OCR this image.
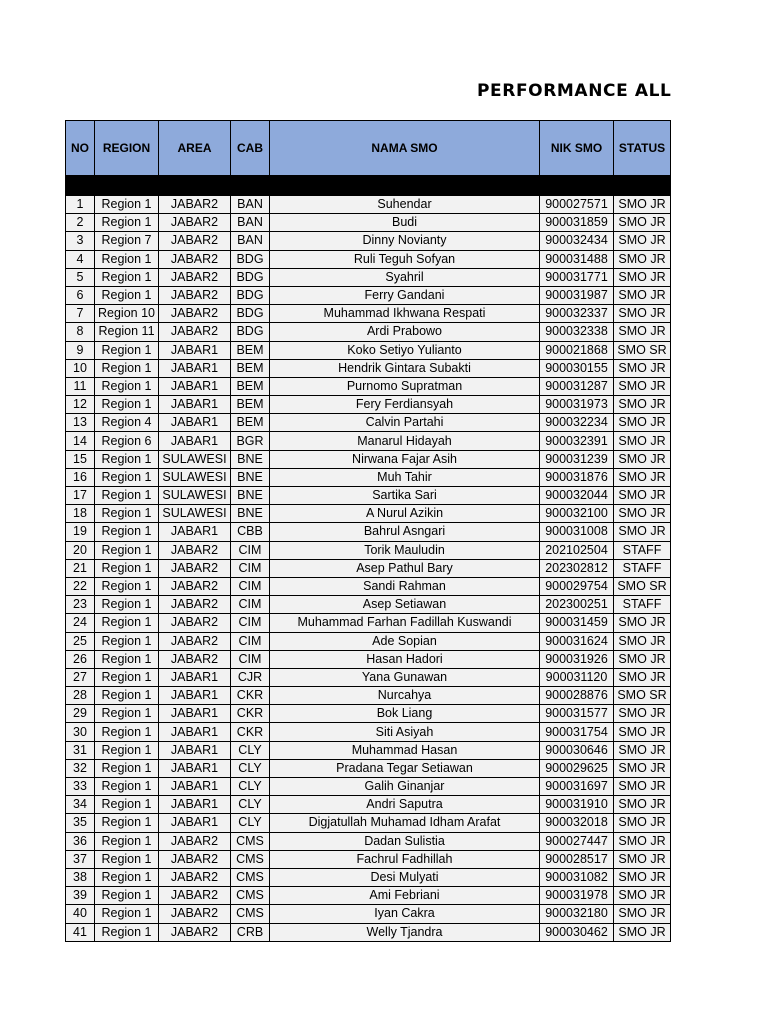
PERFORMANCE ALL
NO	REGION	AREA	CAB	NAMA SMO	NIK SMO	STATUS

1	Region 1	JABAR2	BAN	Suhendar	900027571	SMO JR
2	Region 1	JABAR2	BAN	Budi	900031859	SMO JR
3	Region 7	JABAR2	BAN	Dinny Novianty	900032434	SMO JR
4	Region 1	JABAR2	BDG	Ruli Teguh Sofyan	900031488	SMO JR
5	Region 1	JABAR2	BDG	Syahril	900031771	SMO JR
6	Region 1	JABAR2	BDG	Ferry Gandani	900031987	SMO JR
7	Region 10	JABAR2	BDG	Muhammad Ikhwana Respati	900032337	SMO JR
8	Region 11	JABAR2	BDG	Ardi Prabowo	900032338	SMO JR
9	Region 1	JABAR1	BEM	Koko Setiyo Yulianto	900021868	SMO SR
10	Region 1	JABAR1	BEM	Hendrik Gintara Subakti	900030155	SMO JR
11	Region 1	JABAR1	BEM	Purnomo Supratman	900031287	SMO JR
12	Region 1	JABAR1	BEM	Fery Ferdiansyah	900031973	SMO JR
13	Region 4	JABAR1	BEM	Calvin Partahi	900032234	SMO JR
14	Region 6	JABAR1	BGR	Manarul Hidayah	900032391	SMO JR
15	Region 1	SULAWESI	BNE	Nirwana Fajar Asih	900031239	SMO JR
16	Region 1	SULAWESI	BNE	Muh Tahir	900031876	SMO JR
17	Region 1	SULAWESI	BNE	Sartika Sari	900032044	SMO JR
18	Region 1	SULAWESI	BNE	A Nurul Azikin	900032100	SMO JR
19	Region 1	JABAR1	CBB	Bahrul Asngari	900031008	SMO JR
20	Region 1	JABAR2	CIM	Torik Mauludin	202102504	STAFF
21	Region 1	JABAR2	CIM	Asep Pathul Bary	202302812	STAFF
22	Region 1	JABAR2	CIM	Sandi Rahman	900029754	SMO SR
23	Region 1	JABAR2	CIM	Asep Setiawan	202300251	STAFF
24	Region 1	JABAR2	CIM	Muhammad Farhan Fadillah Kuswandi	900031459	SMO JR
25	Region 1	JABAR2	CIM	Ade Sopian	900031624	SMO JR
26	Region 1	JABAR2	CIM	Hasan Hadori	900031926	SMO JR
27	Region 1	JABAR1	CJR	Yana Gunawan	900031120	SMO JR
28	Region 1	JABAR1	CKR	Nurcahya	900028876	SMO SR
29	Region 1	JABAR1	CKR	Bok Liang	900031577	SMO JR
30	Region 1	JABAR1	CKR	Siti Asiyah	900031754	SMO JR
31	Region 1	JABAR1	CLY	Muhammad Hasan	900030646	SMO JR
32	Region 1	JABAR1	CLY	Pradana Tegar Setiawan	900029625	SMO JR
33	Region 1	JABAR1	CLY	Galih Ginanjar	900031697	SMO JR
34	Region 1	JABAR1	CLY	Andri Saputra	900031910	SMO JR
35	Region 1	JABAR1	CLY	Digjatullah Muhamad Idham Arafat	900032018	SMO JR
36	Region 1	JABAR2	CMS	Dadan Sulistia	900027447	SMO JR
37	Region 1	JABAR2	CMS	Fachrul Fadhillah	900028517	SMO JR
38	Region 1	JABAR2	CMS	Desi Mulyati	900031082	SMO JR
39	Region 1	JABAR2	CMS	Ami Febriani	900031978	SMO JR
40	Region 1	JABAR2	CMS	Iyan Cakra	900032180	SMO JR
41	Region 1	JABAR2	CRB	Welly Tjandra	900030462	SMO JR
